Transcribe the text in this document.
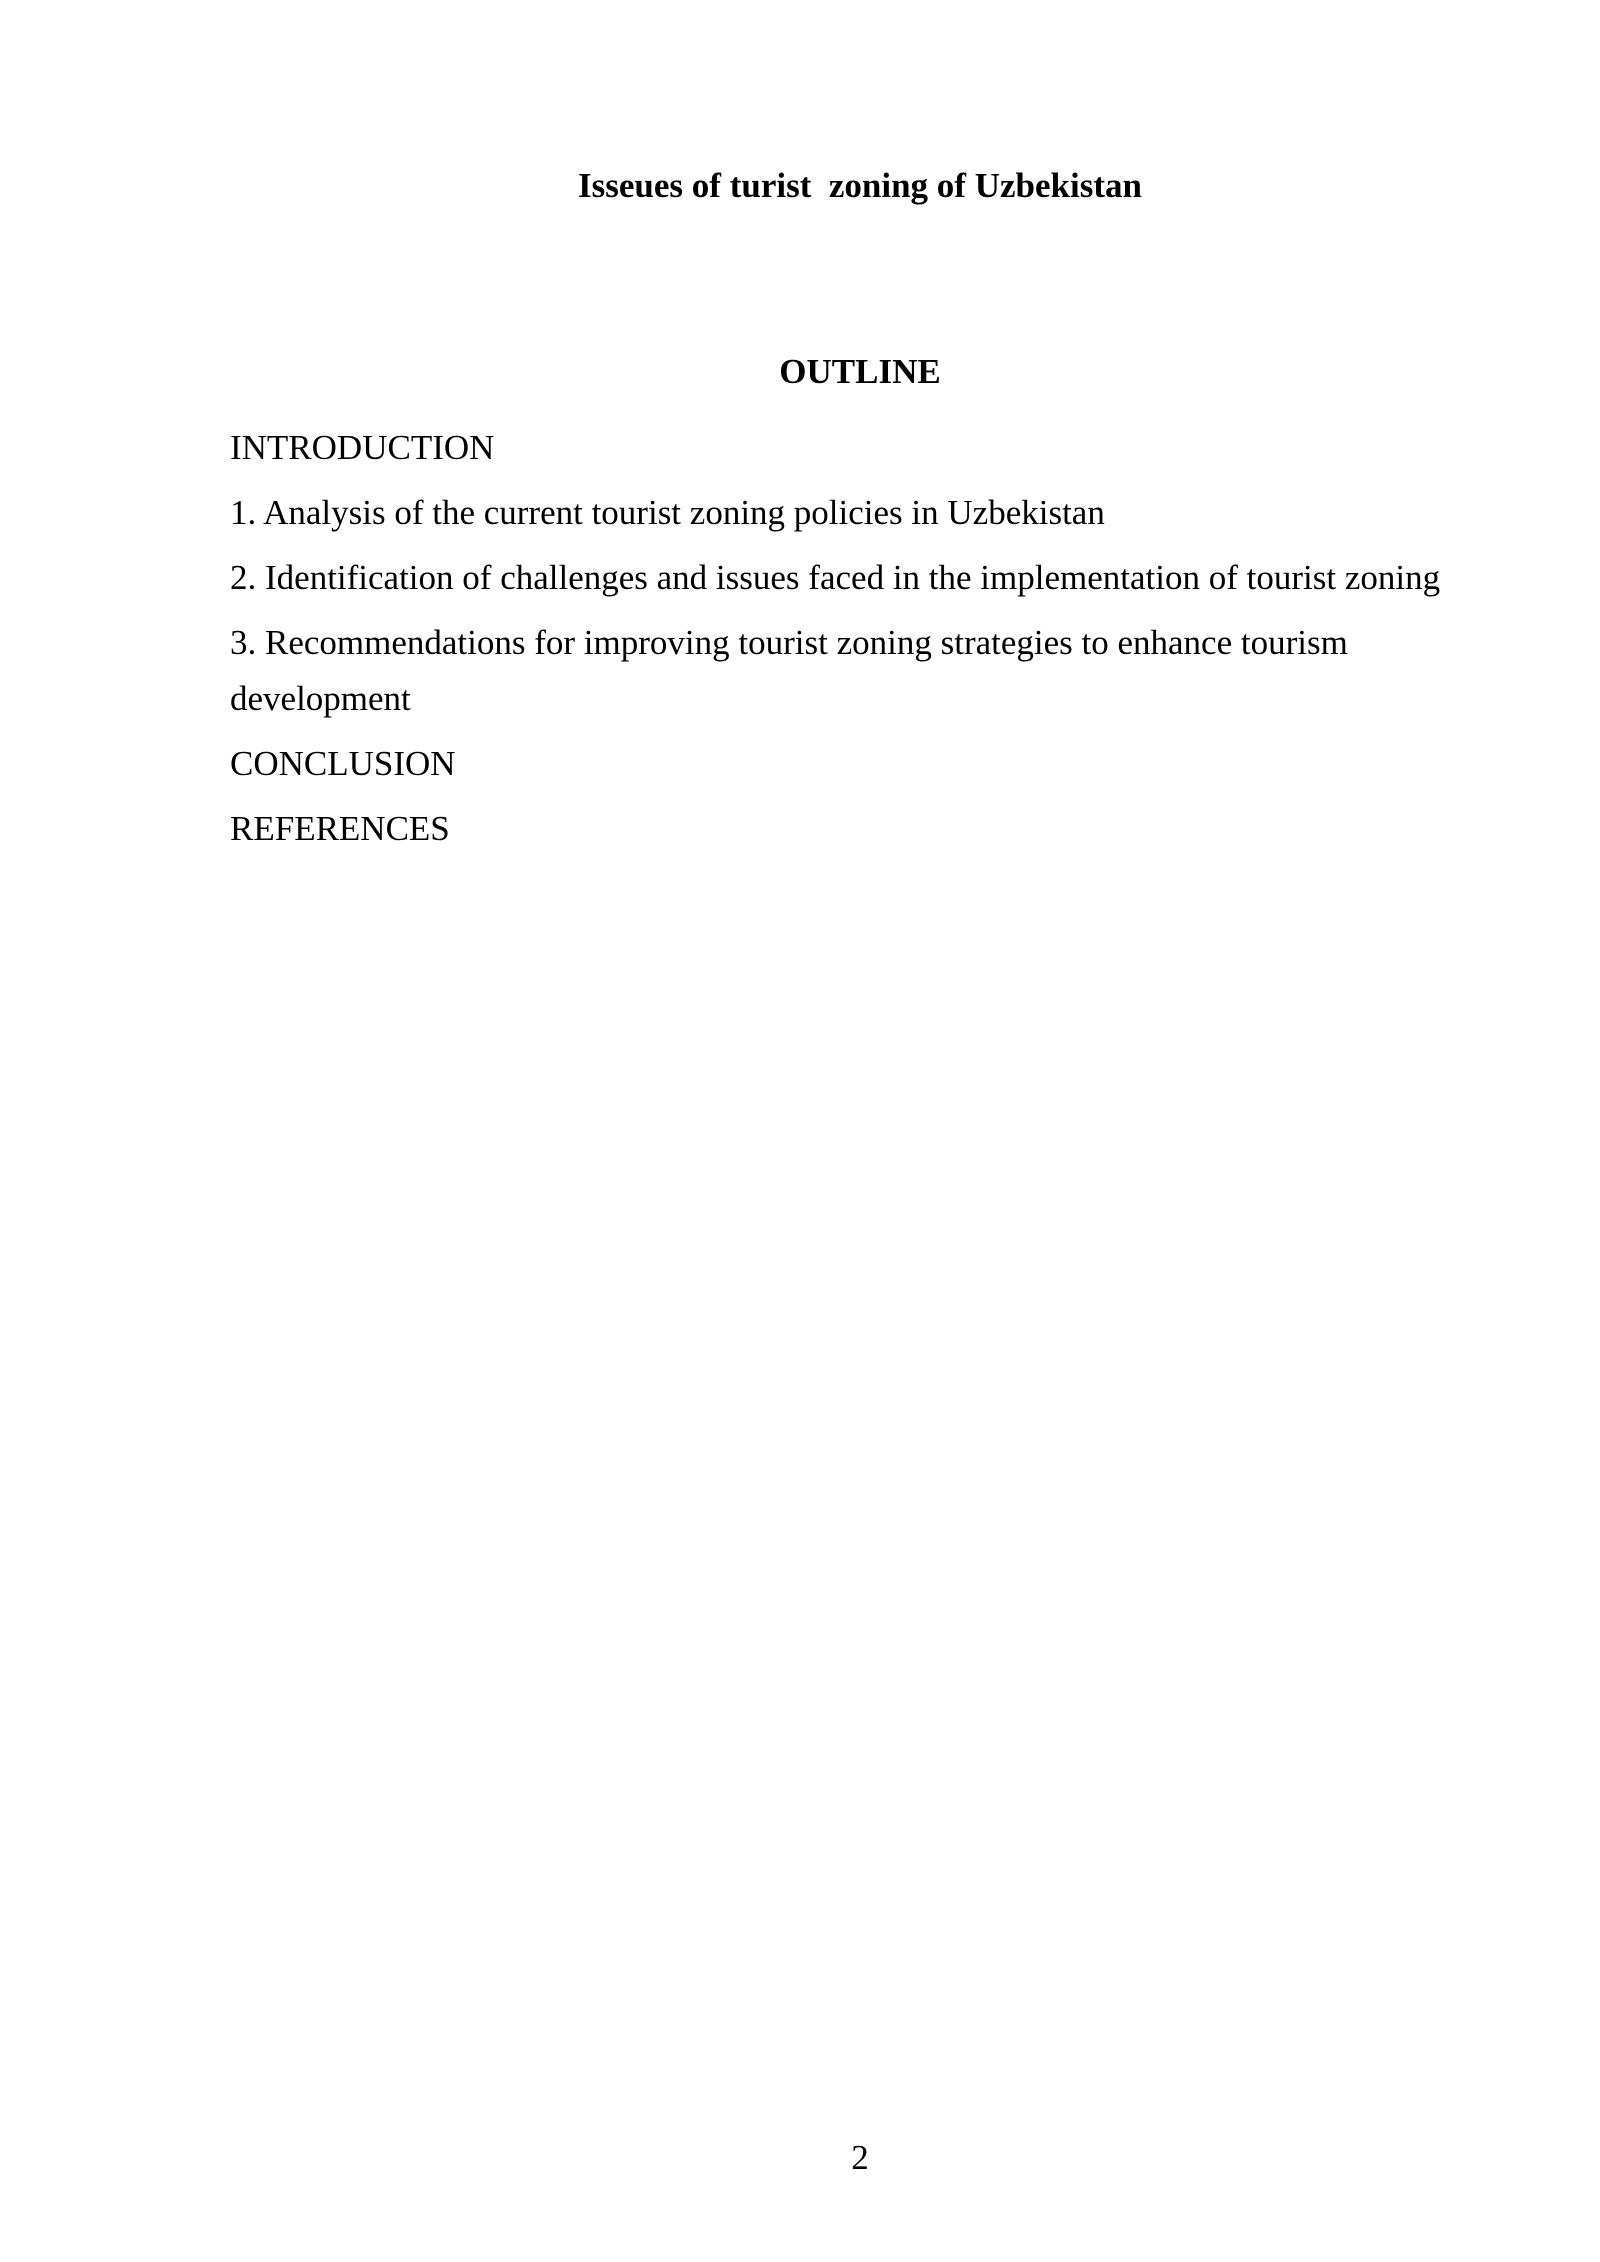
Isseues of turist  zoning of Uzbekistan
OUTLINE
INTRODUCTION
1. Analysis of the current tourist zoning policies in Uzbekistan
2. Identification of challenges and issues faced in the implementation of tourist zoning
3. Recommendations for improving tourist zoning strategies to enhance tourism development
CONCLUSION
REFERENCES
2
